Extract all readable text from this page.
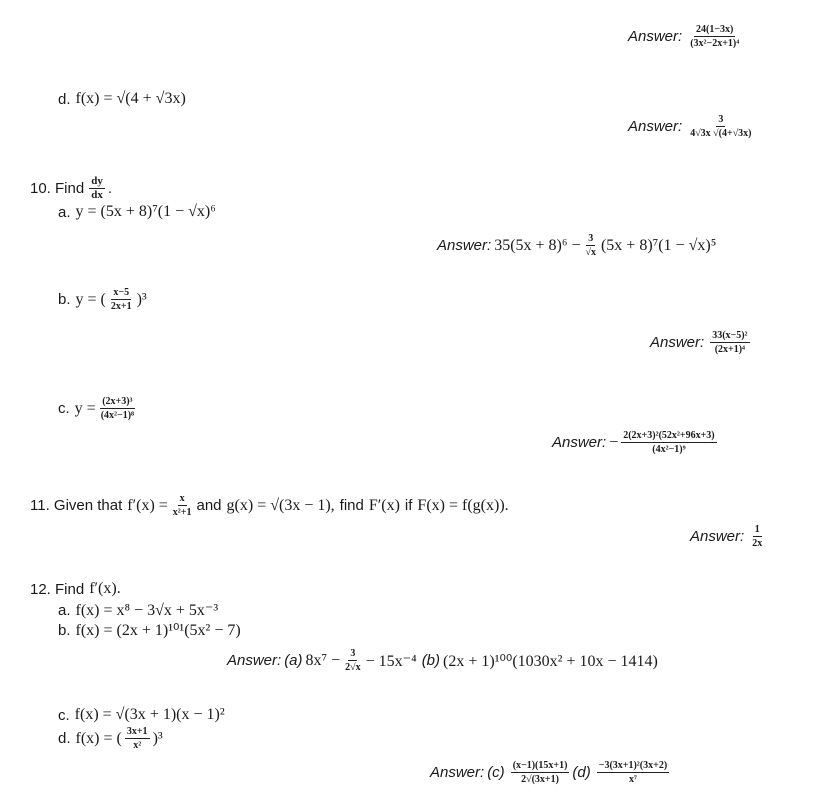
Answer: $\frac{24(1-3x)}{\text{(3x²−2x+1)⁴}}$
d. f(x) = √(4 + √3x)
Answer: $\frac{3}{4√3x √(4+√3x)}$
10. Find $\frac{dy}{dx}$ .
a. y = (5x + 8)⁷(1 − √x)⁶
Answer: $35(5x + 8)^6 - \frac{3}{√x} (5x + 8)^7(1 - √x)^5$
b. y = ( $\frac{x-5}{2x+1} )^3$
Answer: $\frac{\text{33(x−5)²}}{\text{(2x+1)⁴}}$
c. $y = \frac{\text{(2x+3)³}}{\text{(4x²−1)⁸}}$
Answer: − $\frac{\text{2(2x+3)²(52x²+96x+3)}}{\text{(4x²−1)⁹}}$
11. Given that $f'(x) = \frac{x}{\text{x²+1}}$ and g(x) = √(3x − 1), find F′(x) if F(x) = f(g(x)).
Answer: $\frac{1}{2x}$
12. Find f′(x).
a. f(x) = x⁸ − 3√x + 5x⁻³
b. f(x) = (2x + 1)¹⁰¹(5x² − 7)
Answer: (a) $8x^7 - \frac{3}{2√x} - 15x^{-4}$ (b) (2x + 1)¹⁰⁰(1030x² + 10x − 1414)
c. f(x) = √(3x + 1)(x − 1)²
d. f(x) = ( $\frac{3x+1}{\text{x²}} )^3$
Answer: $(c) \frac{(x-1)(15x+1)}{2√(3x+1)} (d) \frac{\text{−3(3x+1)²(3x+2)}}{\text{x⁷}}$
